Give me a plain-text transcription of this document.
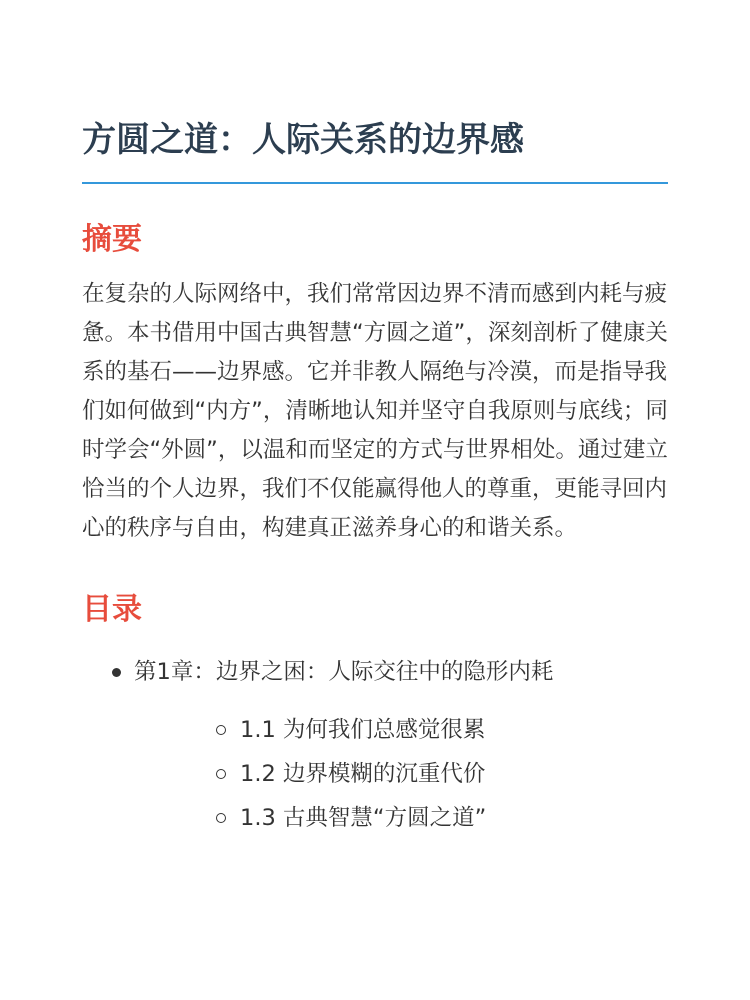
方圆之道：人际关系的边界感
摘要

在复杂的人际网络中，我们常常因边界不清而感到内耗与疲惫。本书借用中国古典智慧“方圆之道”，深刻剖析了健康关系的基石——边界感。它并非教人隔绝与冷漠，而是指导我们如何做到“内方”，清晰地认知并坚守自我原则与底线；同时学会“外圆”，以温和而坚定的方式与世界相处。通过建立恰当的个人边界，我们不仅能赢得他人的尊重，更能寻回内心的秩序与自由，构建真正滋养身心的和谐关系。

目录
第1章：边界之困：人际交往中的隐形内耗
1.1 为何我们总感觉很累
1.2 边界模糊的沉重代价
1.3 古典智慧“方圆之道”
